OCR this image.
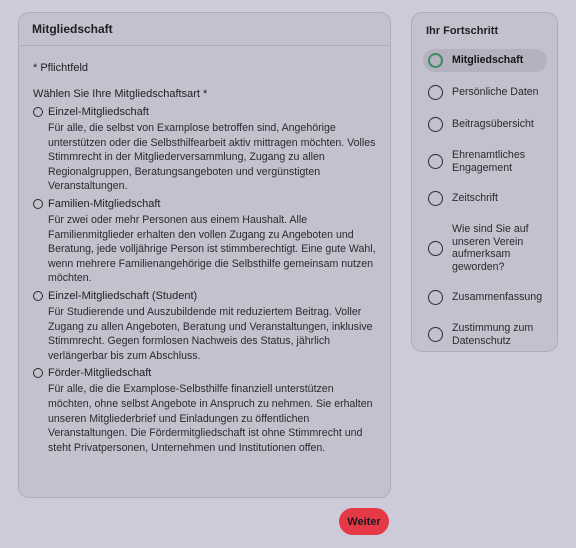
Mitgliedschaft
* Pflichtfeld
Wählen Sie Ihre Mitgliedschaftsart *
Einzel-Mitgliedschaft
Für alle, die selbst von Examplose betroffen sind, Angehörige unterstützen oder die Selbsthilfearbeit aktiv mittragen möchten. Volles Stimmrecht in der Mitgliederversammlung, Zugang zu allen Regionalgruppen, Beratungsangeboten und vergünstigten Veranstaltungen.
Familien-Mitgliedschaft
Für zwei oder mehr Personen aus einem Haushalt. Alle Familienmitglieder erhalten den vollen Zugang zu Angeboten und Beratung, jede volljährige Person ist stimmberechtigt. Eine gute Wahl, wenn mehrere Familienangehörige die Selbsthilfe gemeinsam nutzen möchten.
Einzel-Mitgliedschaft (Student)
Für Studierende und Auszubildende mit reduziertem Beitrag. Voller Zugang zu allen Angeboten, Beratung und Veranstaltungen, inklusive Stimmrecht. Gegen formlosen Nachweis des Status, jährlich verlängerbar bis zum Abschluss.
Förder-Mitgliedschaft
Für alle, die die Examplose-Selbsthilfe finanziell unterstützen möchten, ohne selbst Angebote in Anspruch zu nehmen. Sie erhalten unseren Mitgliederbrief und Einladungen zu öffentlichen Veranstaltungen. Die Fördermitgliedschaft ist ohne Stimmrecht und steht Privatpersonen, Unternehmen und Institutionen offen.
Weiter
Ihr Fortschritt
Mitgliedschaft
Persönliche Daten
Beitragsübersicht
Ehrenamtliches Engagement
Zeitschrift
Wie sind Sie auf unseren Verein aufmerksam geworden?
Zusammenfassung
Zustimmung zum Datenschutz
